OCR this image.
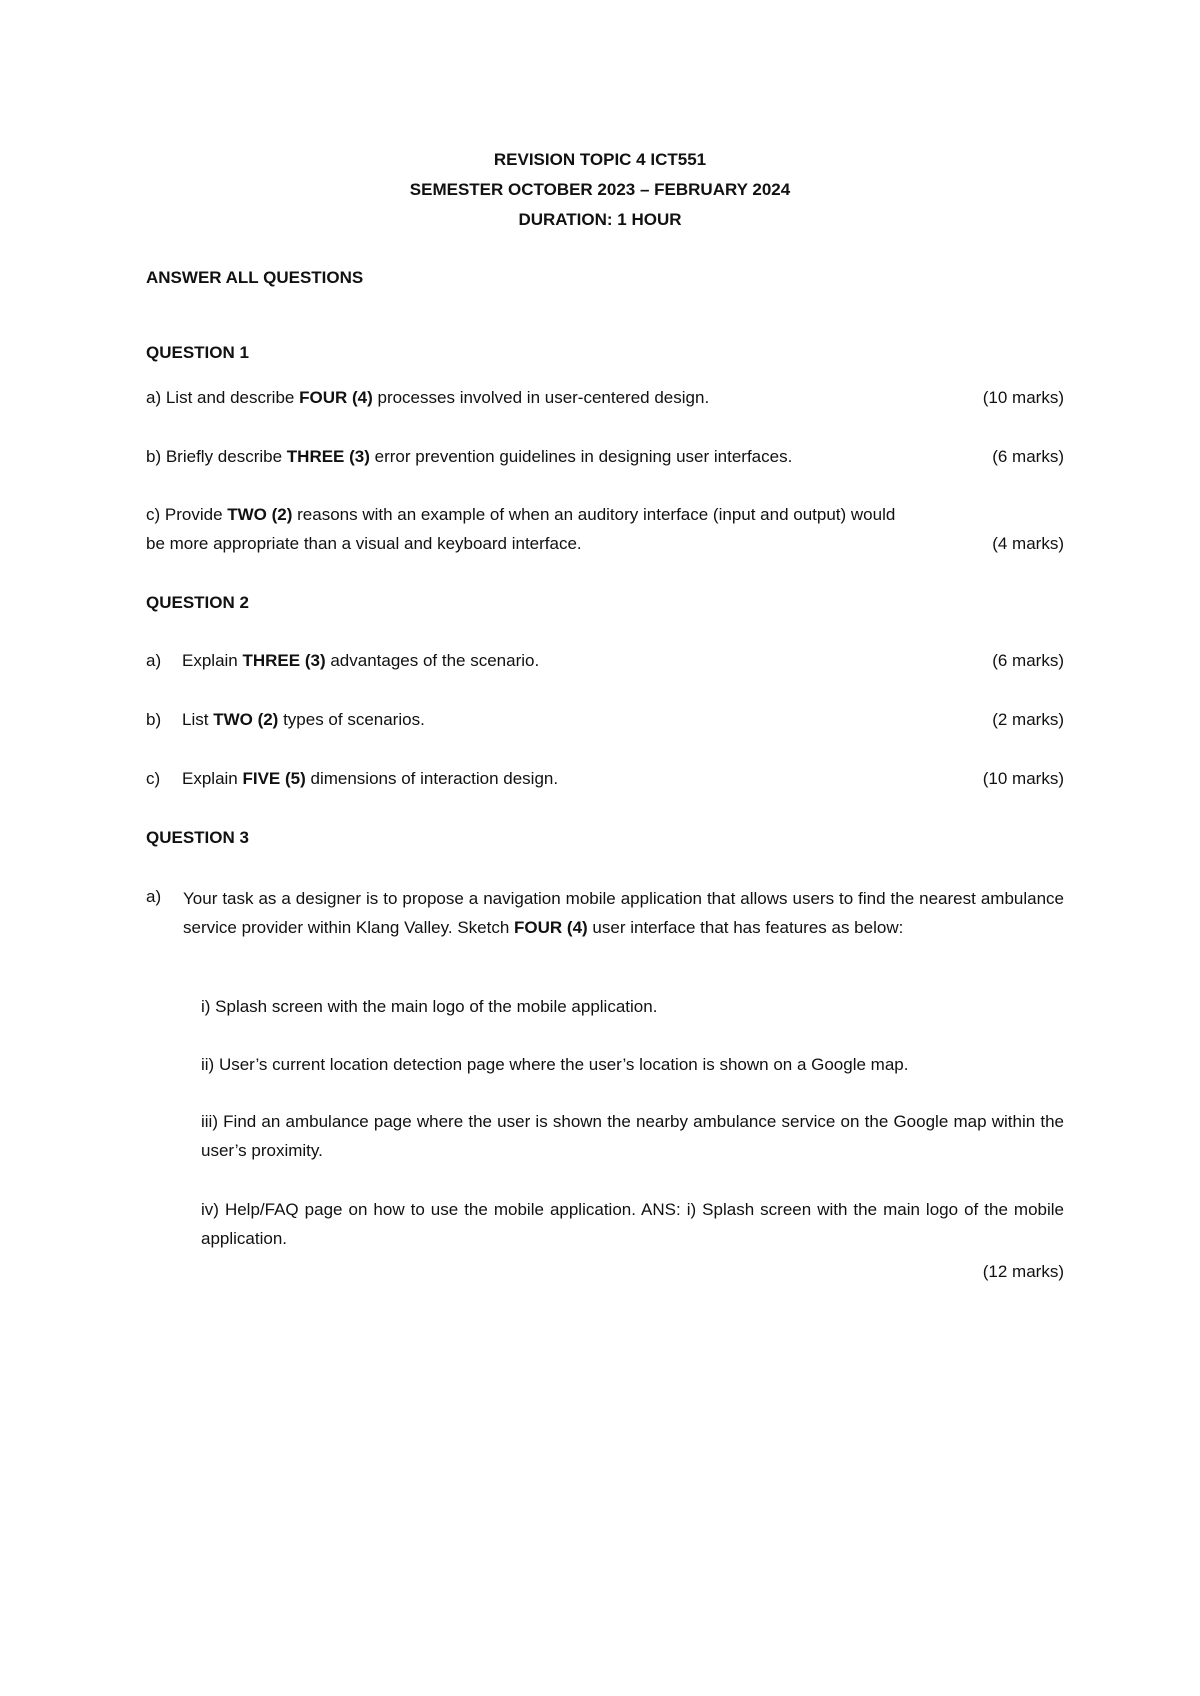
REVISION TOPIC 4 ICT551
SEMESTER OCTOBER 2023 – FEBRUARY 2024
DURATION: 1 HOUR
ANSWER ALL QUESTIONS
QUESTION 1
a) List and describe FOUR (4) processes involved in user-centered design.	(10 marks)
b) Briefly describe THREE (3) error prevention guidelines in designing user interfaces.	(6 marks)
c) Provide TWO (2) reasons with an example of when an auditory interface (input and output) would
be more appropriate than a visual and keyboard interface.	(4 marks)
QUESTION 2
a) Explain THREE (3) advantages of the scenario.	(6 marks)
b) List TWO (2) types of scenarios.	(2 marks)
c) Explain FIVE (5) dimensions of interaction design.	(10 marks)
QUESTION 3
a) Your task as a designer is to propose a navigation mobile application that allows users to find the nearest ambulance service provider within Klang Valley. Sketch FOUR (4) user interface that has features as below:
i) Splash screen with the main logo of the mobile application.
ii) User’s current location detection page where the user’s location is shown on a Google map.
iii) Find an ambulance page where the user is shown the nearby ambulance service on the Google map within the user’s proximity.
iv) Help/FAQ page on how to use the mobile application. ANS: i) Splash screen with the main logo of the mobile application.
(12 marks)
